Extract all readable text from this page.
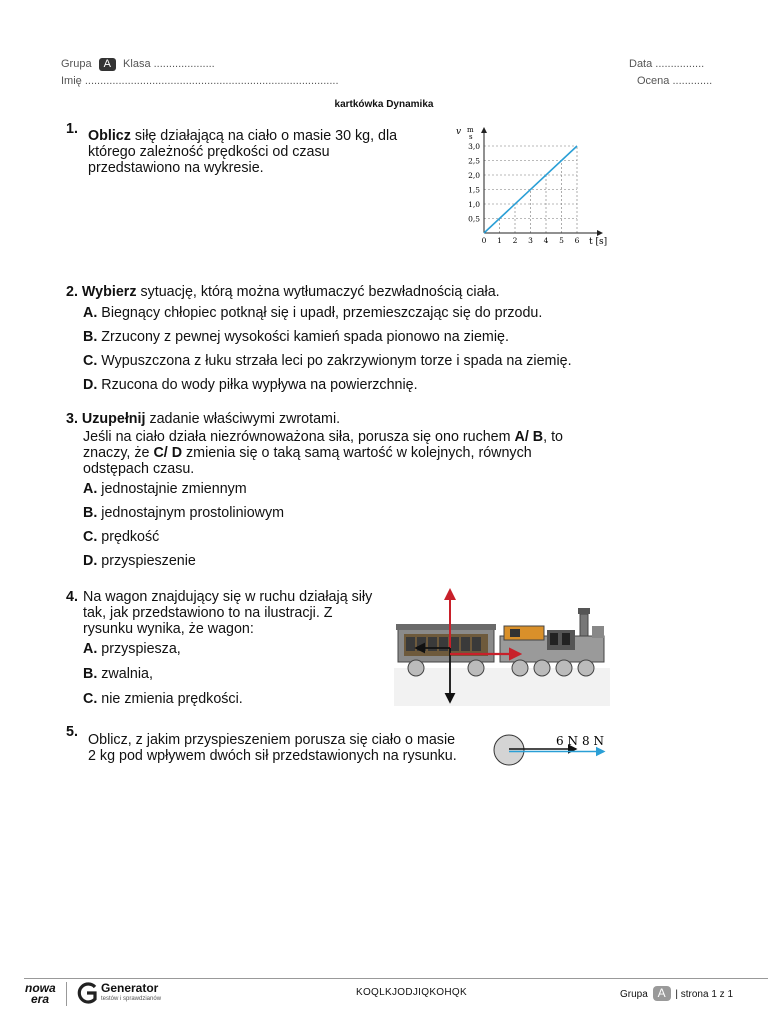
Grupa A Klasa ....................
Imię ...................................................................................
Data ................
Ocena .............
kartkówka Dynamika
1. Oblicz siłę działającą na ciało o masie 30 kg, dla
którego zależność prędkości od czasu
przedstawiono na wykresie.
0,5
1,0
1,5
2,0
2,5
3,0
0 1 2 3 4 5 6
v m
s
t [s]
2. Wybierz sytuację, którą można wytłumaczyć bezwładnością ciała.
A. Biegnący chłopiec potknął się i upadł, przemieszczając się do przodu.
B. Zrzucony z pewnej wysokości kamień spada pionowo na ziemię.
C. Wypuszczona z łuku strzała leci po zakrzywionym torze i spada na ziemię.
D. Rzucona do wody piłka wypływa na powierzchnię.
3. Uzupełnij zadanie właściwymi zwrotami.
Jeśli na ciało działa niezrównoważona siła, porusza się ono ruchem A/ B, to
znaczy, że C/ D zmienia się o taką samą wartość w kolejnych, równych
odstępach czasu.
A. jednostajnie zmiennym
B. jednostajnym prostoliniowym
C. prędkość
D. przyspieszenie
4. Na wagon znajdujący się w ruchu działają siły
tak, jak przedstawiono to na ilustracji. Z
rysunku wynika, że wagon:
A. przyspiesza,
B. zwalnia,
C. nie zmienia prędkości.
5. Oblicz, z jakim przyspieszeniem porusza się ciało o masie
2 kg pod wpływem dwóch sił przedstawionych na rysunku.
6 N 8 N
nowa
era
Generator
testów i sprawdzianów
KOQLKJODJIQKOHQK	Grupa A | strona 1 z 1
